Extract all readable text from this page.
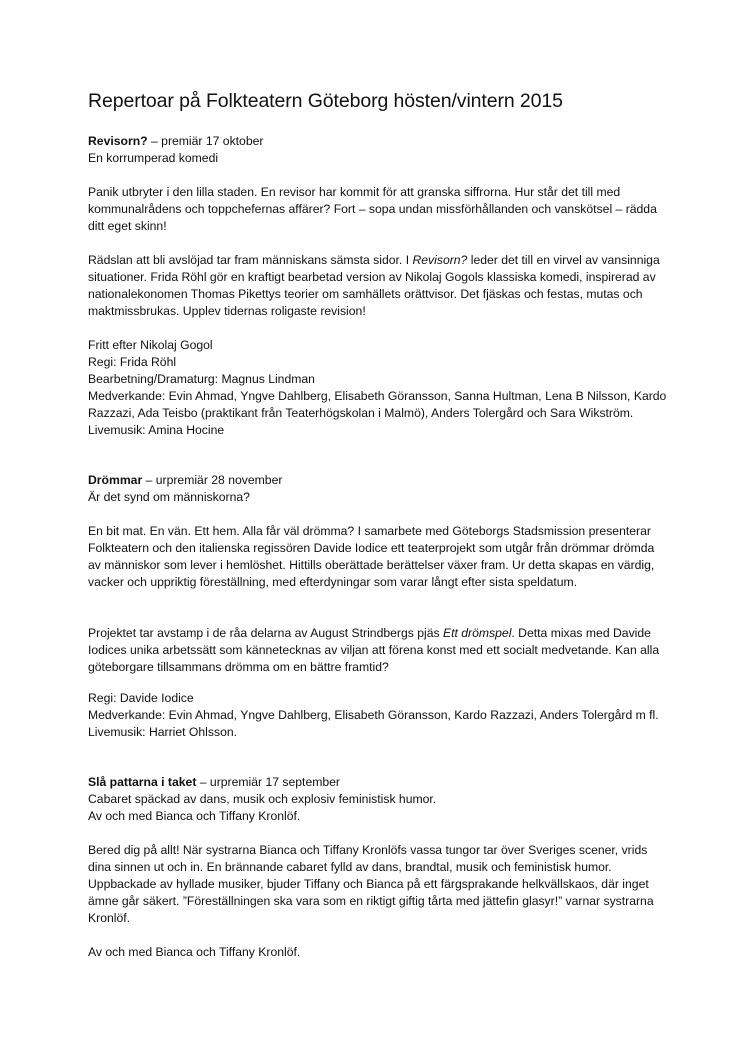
Repertoar på Folkteatern Göteborg hösten/vintern 2015

Revisorn? – premiär 17 oktober

En korrumperad komedi

Panik utbryter i den lilla staden. En revisor har kommit för att granska siffrorna. Hur står det till med kommunalrådens och toppchefernas affärer? Fort – sopa undan missförhållanden och vanskötsel – rädda ditt eget skinn!

Rädslan att bli avslöjad tar fram människans sämsta sidor. I Revisorn? leder det till en virvel av vansinniga situationer. Frida Röhl gör en kraftigt bearbetad version av Nikolaj Gogols klassiska komedi, inspirerad av nationalekonomen Thomas Pikettys teorier om samhällets orättvisor. Det fjäskas och festas, mutas och maktmissbrukas. Upplev tidernas roligaste revision!

Fritt efter Nikolaj Gogol

Regi: Frida Röhl

Bearbetning/Dramaturg: Magnus Lindman

Medverkande: Evin Ahmad, Yngve Dahlberg, Elisabeth Göransson, Sanna Hultman, Lena B Nilsson, Kardo Razzazi, Ada Teisbo (praktikant från Teaterhögskolan i Malmö), Anders Tolergård och Sara Wikström.

Livemusik: Amina Hocine

Drömmar – urpremiär 28 november

Är det synd om människorna?

En bit mat. En vän. Ett hem. Alla får väl drömma? I samarbete med Göteborgs Stadsmission presenterar Folkteatern och den italienska regissören Davide Iodice ett teaterprojekt som utgår från drömmar drömda av människor som lever i hemlöshet. Hittills oberättade berättelser växer fram. Ur detta skapas en värdig, vacker och uppriktig föreställning, med efterdyningar som varar långt efter sista speldatum.

Projektet tar avstamp i de råa delarna av August Strindbergs pjäs Ett drömspel. Detta mixas med Davide Iodices unika arbetssätt som kännetecknas av viljan att förena konst med ett socialt medvetande. Kan alla göteborgare tillsammans drömma om en bättre framtid?

Regi: Davide Iodice

Medverkande: Evin Ahmad, Yngve Dahlberg, Elisabeth Göransson, Kardo Razzazi, Anders Tolergård m fl.

Livemusik: Harriet Ohlsson.

Slå pattarna i taket – urpremiär 17 september

Cabaret späckad av dans, musik och explosiv feministisk humor.

Av och med Bianca och Tiffany Kronlöf.

Bered dig på allt! När systrarna Bianca och Tiffany Kronlöfs vassa tungor tar över Sveriges scener, vrids dina sinnen ut och in. En brännande cabaret fylld av dans, brandtal, musik och feministisk humor. Uppbackade av hyllade musiker, bjuder Tiffany och Bianca på ett färgsprakande helkvällskaos, där inget ämne går säkert. ”Föreställningen ska vara som en riktigt giftig tårta med jättefin glasyr!” varnar systrarna Kronlöf.

Av och med Bianca och Tiffany Kronlöf.
